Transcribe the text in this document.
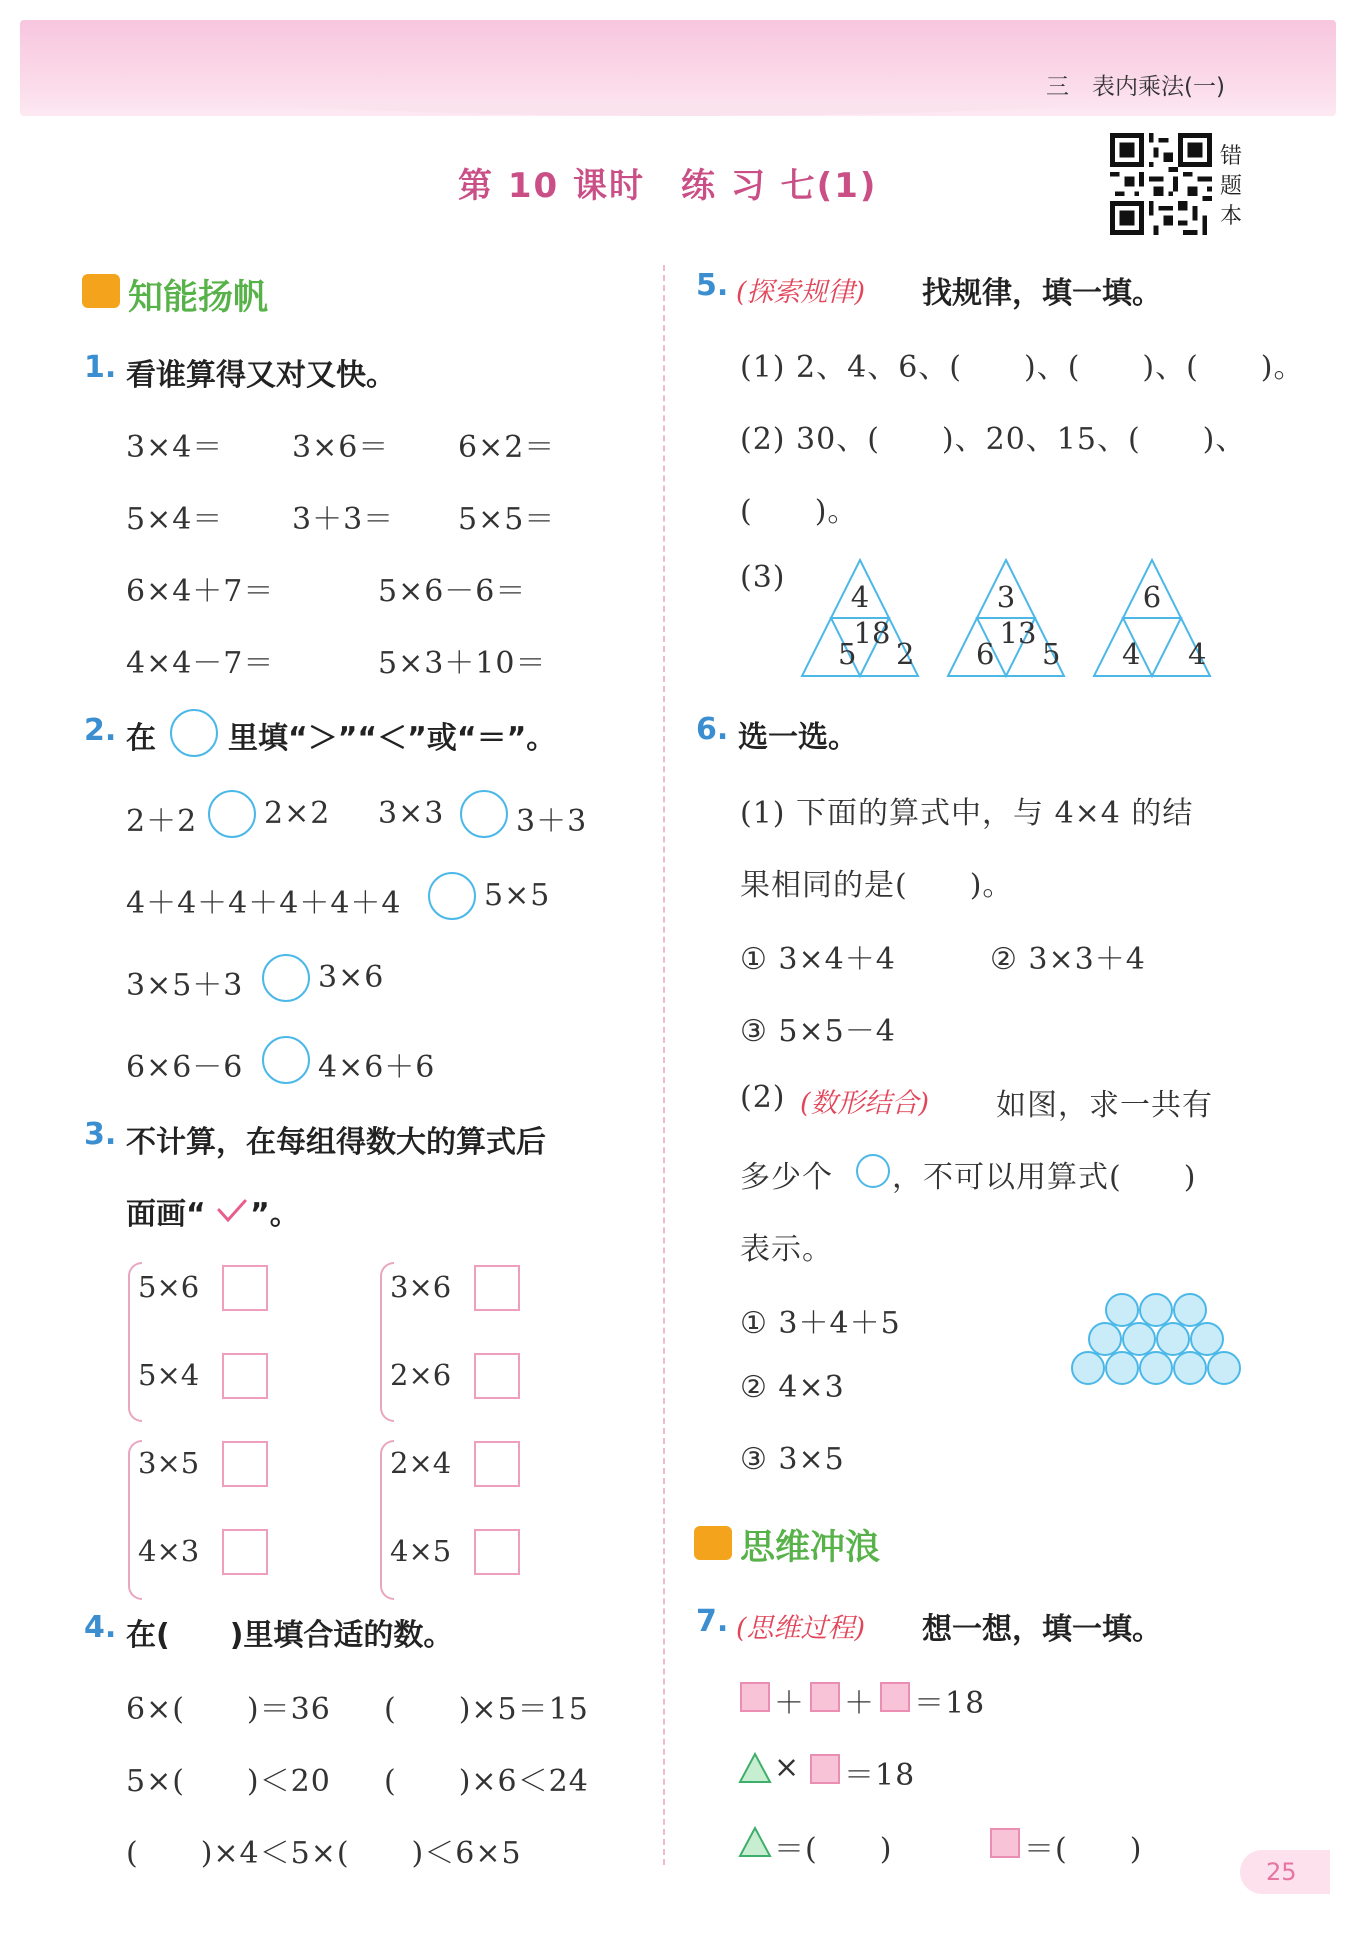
三　表内乘法(一)
第 10 课时　练 习 七(1)
错题本
知能扬帆
1. 看谁算得又对又快。
3×4＝ 3×6＝ 6×2＝
5×4＝ 3＋3＝ 5×5＝
6×4＋7＝	5×6－6＝
4×4－7＝	5×3＋10＝
2. 在 里填“＞”“＜”或“＝”。
2＋2 2×2 3×3 3＋3
4＋4＋4＋4＋4＋4	5×5
3×5＋3 3×6
6×6－6 4×6＋6
3. 不计算，在每组得数大的算式后
面画“ ”。
5×6
5×4
3×6
2×6
3×5
4×3
2×4
4×5
4. 在(　　)里填合适的数。
6×(　　)＝36 (　　)×5＝15
5×(　　)＜20 (　　)×6＜24
(　　)×4＜5×(　　)＜6×5
5. (探索规律) 找规律，填一填。
(1) 2、4、6、(　　)、(　　)、(　　)。
(2) 30、(　　)、20、15、(　　)、
(　　)。
(3)
4
18
5 2
3
13
6 5
6
4 4
6. 选一选。
(1) 下面的算式中，与 4×4 的结
果相同的是(　　)。
① 3×4＋4	② 3×3＋4
③ 5×5－4
(2) (数形结合) 如图，求一共有
多少个 ，不可以用算式(　　)
表示。
① 3＋4＋5
② 4×3
③ 3×5
思维冲浪
7. (思维过程) 想一想，填一填。
＋ ＋ ＝18
× ＝18
＝(　　)	＝(　　)
25
